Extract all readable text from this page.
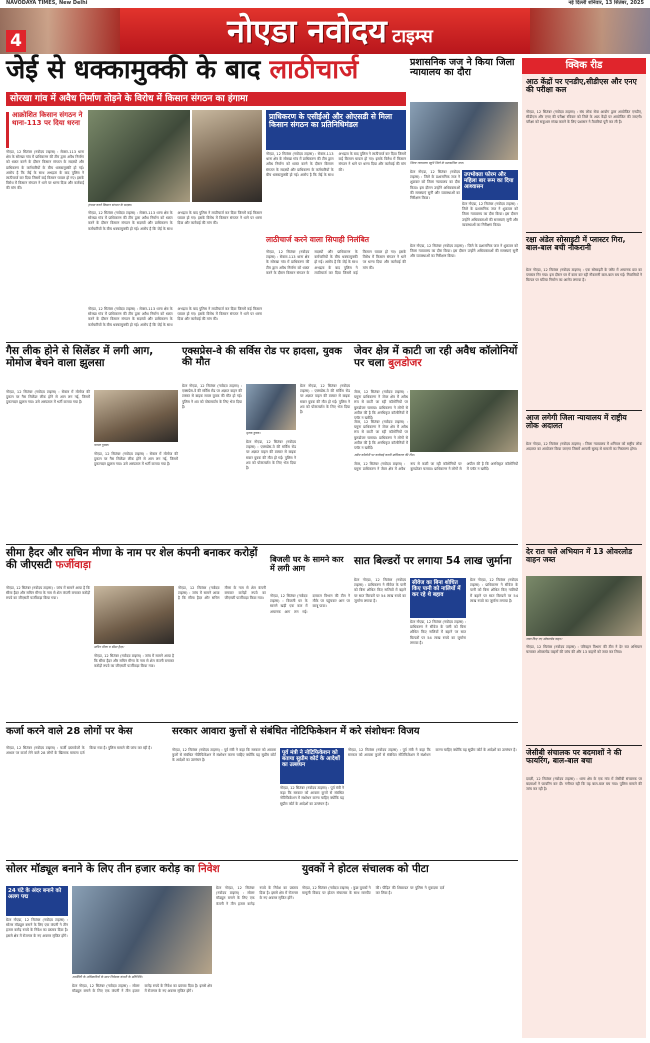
NAVODAYA TIMES, New Delhi	नई दिल्ली शनिवार, 13 सितंबर, 2025
4	नोएडा नवोदय टाइम्स
जेई से धक्कामुक्की के बाद लाठीचार्ज
सोरखा गांव में अवैध निर्माण तोड़ने के विरोध में किसान संगठन का हंगामा
आक्रोशित किसान संगठन ने थाना-113 पर दिया धरना
नोएडा, 12 सितंबर (नवोदय टाइम्स) : सेक्टर-113 थाना क्षेत्र के सोरखा गांव में प्राधिकरण की टीम द्वारा अवैध निर्माण को ध्वस्त करने के दौरान किसान संगठन के सदस्यों और प्राधिकरण के कर्मचारियों के बीच धक्कामुक्की हो गई। आरोप है कि जेई के साथ अभद्रता के बाद पुलिस ने लाठीचार्ज कर दिया जिसमें कई किसान घायल हो गए। इसके विरोध में किसान संगठन ने थाने पर धरना दिया और कार्रवाई की मांग की।
हंगामा करते किसान संगठन के सदस्य।
नोएडा, 12 सितंबर (नवोदय टाइम्स) : सेक्टर-113 थाना क्षेत्र के सोरखा गांव में प्राधिकरण की टीम द्वारा अवैध निर्माण को ध्वस्त करने के दौरान किसान संगठन के सदस्यों और प्राधिकरण के कर्मचारियों के बीच धक्कामुक्की हो गई। आरोप है कि जेई के साथ अभद्रता के बाद पुलिस ने लाठीचार्ज कर दिया जिसमें कई किसान घायल हो गए। इसके विरोध में किसान संगठन ने थाने पर धरना दिया और कार्रवाई की मांग की।
प्राधिकरण के एसीईओ और ओएसडी से मिला किसान संगठन का प्रतिनिधिमंडल
नोएडा, 12 सितंबर (नवोदय टाइम्स) : सेक्टर-113 थाना क्षेत्र के सोरखा गांव में प्राधिकरण की टीम द्वारा अवैध निर्माण को ध्वस्त करने के दौरान किसान संगठन के सदस्यों और प्राधिकरण के कर्मचारियों के बीच धक्कामुक्की हो गई। आरोप है कि जेई के साथ अभद्रता के बाद पुलिस ने लाठीचार्ज कर दिया जिसमें कई किसान घायल हो गए। इसके विरोध में किसान संगठन ने थाने पर धरना दिया और कार्रवाई की मांग की।
लाठीचार्ज करने वाला सिपाही निलंबित
नोएडा, 12 सितंबर (नवोदय टाइम्स) : सेक्टर-113 थाना क्षेत्र के सोरखा गांव में प्राधिकरण की टीम द्वारा अवैध निर्माण को ध्वस्त करने के दौरान किसान संगठन के सदस्यों और प्राधिकरण के कर्मचारियों के बीच धक्कामुक्की हो गई। आरोप है कि जेई के साथ अभद्रता के बाद पुलिस ने लाठीचार्ज कर दिया जिसमें कई किसान घायल हो गए। इसके विरोध में किसान संगठन ने थाने पर धरना दिया और कार्रवाई की मांग की।
नोएडा, 12 सितंबर (नवोदय टाइम्स) : सेक्टर-113 थाना क्षेत्र के सोरखा गांव में प्राधिकरण की टीम द्वारा अवैध निर्माण को ध्वस्त करने के दौरान किसान संगठन के सदस्यों और प्राधिकरण के कर्मचारियों के बीच धक्कामुक्की हो गई। आरोप है कि जेई के साथ अभद्रता के बाद पुलिस ने लाठीचार्ज कर दिया जिसमें कई किसान घायल हो गए। इसके विरोध में किसान संगठन ने थाने पर धरना दिया और कार्रवाई की मांग की।
प्रशासनिक जज ने किया जिला न्यायालय का दौरा
जिला न्यायालय पहुंचे जिले के प्रशासनिक जज।
ग्रेटर नोएडा, 12 सितंबर (नवोदय टाइम्स) : जिले के प्रशासनिक जज ने शुक्रवार को जिला न्यायालय का दौरा किया। इस दौरान उन्होंने अधिवक्ताओं की समस्याएं सुनीं और व्यवस्थाओं का निरीक्षण किया।
उपभोक्ता फोरम और महिला बार रूम का दिया आश्वासन
ग्रेटर नोएडा, 12 सितंबर (नवोदय टाइम्स) : जिले के प्रशासनिक जज ने शुक्रवार को जिला न्यायालय का दौरा किया। इस दौरान उन्होंने अधिवक्ताओं की समस्याएं सुनीं और व्यवस्थाओं का निरीक्षण किया।
ग्रेटर नोएडा, 12 सितंबर (नवोदय टाइम्स) : जिले के प्रशासनिक जज ने शुक्रवार को जिला न्यायालय का दौरा किया। इस दौरान उन्होंने अधिवक्ताओं की समस्याएं सुनीं और व्यवस्थाओं का निरीक्षण किया।
क्विक रीड
आठ केंद्रों पर एनडीए,सीडीएस और एनए की परीक्षा कल
नोएडा, 12 सितंबर (नवोदय टाइम्स) : संघ लोक सेवा आयोग द्वारा आयोजित एनडीए, सीडीएस और एनए की परीक्षा रविवार को जिले के आठ केंद्रों पर आयोजित की जाएगी। परीक्षा को सकुशल संपन्न कराने के लिए प्रशासन ने तैयारियां पूरी कर ली हैं।
रक्षा अंडेल सोसाइटी में प्लास्टर गिरा, बाल-बाल बची नौकरानी
ग्रेटर नोएडा, 12 सितंबर (नवोदय टाइम्स) : एक सोसाइटी के फ्लैट में अचानक छत का प्लास्टर गिर गया। इस दौरान घर में काम कर रही नौकरानी बाल-बाल बच गई। निवासियों ने बिल्डर पर घटिया निर्माण का आरोप लगाया है।
आज लगेगी जिला न्यायालय में राष्ट्रीय लोक अदालत
ग्रेटर नोएडा, 12 सितंबर (नवोदय टाइम्स) : जिला न्यायालय में शनिवार को राष्ट्रीय लोक अदालत का आयोजन किया जाएगा जिसमें आपसी सुलह से मामलों का निस्तारण होगा।
देर रात चले अभियान में 13 ओवरलोड वाहन जब्त
जब्त किए गए ओवरलोड वाहन।
नोएडा, 12 सितंबर (नवोदय टाइम्स) : परिवहन विभाग की टीम ने देर रात अभियान चलाकर ओवरलोड वाहनों की जांच की और 13 वाहनों को जब्त कर लिया।
जेसीबी संचालक पर बदमाशों ने की फायरिंग, बाल-बाल बचा
दादरी, 12 सितंबर (नवोदय टाइम्स) : थाना क्षेत्र के एक गांव में जेसीबी संचालक पर बदमाशों ने फायरिंग कर दी। गनीमत रही कि वह बाल-बाल बच गया। पुलिस मामले की जांच कर रही है।
गैस लीक होने से सिलेंडर में लगी आग, मोमोज बेचने वाला झुलसा
नोएडा, 12 सितंबर (नवोदय टाइम्स) : सेक्टर में मोमोज की दुकान पर गैस सिलेंडर लीक होने से आग लग गई, जिसमें दुकानदार झुलस गया। उसे अस्पताल में भर्ती कराया गया है।
घायल युवक।
नोएडा, 12 सितंबर (नवोदय टाइम्स) : सेक्टर में मोमोज की दुकान पर गैस सिलेंडर लीक होने से आग लग गई, जिसमें दुकानदार झुलस गया। उसे अस्पताल में भर्ती कराया गया है।
एक्सप्रेस-वे की सर्विस रोड पर हादसा, युवक की मौत
ग्रेटर नोएडा, 12 सितंबर (नवोदय टाइम्स) : एक्सप्रेस-वे की सर्विस रोड पर अज्ञात वाहन की टक्कर से बाइक सवार युवक की मौत हो गई। पुलिस ने शव को पोस्टमार्टम के लिए भेज दिया है।
मृतक युवक।
ग्रेटर नोएडा, 12 सितंबर (नवोदय टाइम्स) : एक्सप्रेस-वे की सर्विस रोड पर अज्ञात वाहन की टक्कर से बाइक सवार युवक की मौत हो गई। पुलिस ने शव को पोस्टमार्टम के लिए भेज दिया है।
ग्रेटर नोएडा, 12 सितंबर (नवोदय टाइम्स) : एक्सप्रेस-वे की सर्विस रोड पर अज्ञात वाहन की टक्कर से बाइक सवार युवक की मौत हो गई। पुलिस ने शव को पोस्टमार्टम के लिए भेज दिया है।
जेवर क्षेत्र में काटी जा रही अवैध कॉलोनियों पर चला बुलडोजर
जेवर, 12 सितंबर (नवोदय टाइम्स) : यमुना प्राधिकरण ने जेवर क्षेत्र में अवैध रूप से काटी जा रही कॉलोनियों पर बुलडोजर चलाया। प्राधिकरण ने लोगों से अपील की है कि अनधिकृत कॉलोनियों में प्लॉट न खरीदें।
अवैध कॉलोनी पर कार्रवाई करती प्राधिकरण की टीम।
जेवर, 12 सितंबर (नवोदय टाइम्स) : यमुना प्राधिकरण ने जेवर क्षेत्र में अवैध रूप से काटी जा रही कॉलोनियों पर बुलडोजर चलाया। प्राधिकरण ने लोगों से अपील की है कि अनधिकृत कॉलोनियों में प्लॉट न खरीदें।
जेवर, 12 सितंबर (नवोदय टाइम्स) : यमुना प्राधिकरण ने जेवर क्षेत्र में अवैध रूप से काटी जा रही कॉलोनियों पर बुलडोजर चलाया। प्राधिकरण ने लोगों से अपील की है कि अनधिकृत कॉलोनियों में प्लॉट न खरीदें।
सीमा हैदर और सचिन मीणा के नाम पर शेल कंपनी बनाकर करोड़ों की जीएसटी फर्जीवाड़ा
नोएडा, 12 सितंबर (नवोदय टाइम्स) : जांच में सामने आया है कि सीमा हैदर और सचिन मीणा के नाम से शेल कंपनी बनाकर करोड़ों रुपये का जीएसटी फर्जीवाड़ा किया गया।
सचिन मीणा व सीमा हैदर।
नोएडा, 12 सितंबर (नवोदय टाइम्स) : जांच में सामने आया है कि सीमा हैदर और सचिन मीणा के नाम से शेल कंपनी बनाकर करोड़ों रुपये का जीएसटी फर्जीवाड़ा किया गया।
नोएडा, 12 सितंबर (नवोदय टाइम्स) : जांच में सामने आया है कि सीमा हैदर और सचिन मीणा के नाम से शेल कंपनी बनाकर करोड़ों रुपये का जीएसटी फर्जीवाड़ा किया गया।
बिजली घर के सामने कार में लगी आग
नोएडा, 12 सितंबर (नवोदय टाइम्स) : बिजली घर के सामने खड़ी एक कार में अचानक आग लग गई। दमकल विभाग की टीम ने मौके पर पहुंचकर आग पर काबू पाया।
सात बिल्डरों पर लगाया 54 लाख जुर्माना
ग्रेटर नोएडा, 12 सितंबर (नवोदय टाइम्स) : प्राधिकरण ने सीवेज के पानी को बिना शोधित किए नालियों में बहाने पर सात बिल्डरों पर 54 लाख रुपये का जुर्माना लगाया है।
सीवेज का बिना शोधित किए पानी को नालियों में कर रहे थे बहाव
ग्रेटर नोएडा, 12 सितंबर (नवोदय टाइम्स) : प्राधिकरण ने सीवेज के पानी को बिना शोधित किए नालियों में बहाने पर सात बिल्डरों पर 54 लाख रुपये का जुर्माना लगाया है।
ग्रेटर नोएडा, 12 सितंबर (नवोदय टाइम्स) : प्राधिकरण ने सीवेज के पानी को बिना शोधित किए नालियों में बहाने पर सात बिल्डरों पर 54 लाख रुपये का जुर्माना लगाया है।
कर्जा करने वाले 28 लोगों पर केस
नोएडा, 12 सितंबर (नवोदय टाइम्स) : फर्जी दस्तावेजों के आधार पर कर्जा लेने वाले 28 लोगों के खिलाफ मामला दर्ज किया गया है। पुलिस मामले की जांच कर रही है।
सरकार आवारा कुत्तों से संबंधित नोटिफिकेशन में करे संशोधनः विजय
नोएडा, 12 सितंबर (नवोदय टाइम्स) : पूर्व मंत्री ने कहा कि सरकार को आवारा कुत्तों से संबंधित नोटिफिकेशन में संशोधन करना चाहिए क्योंकि यह सुप्रीम कोर्ट के आदेशों का उल्लंघन है।
पूर्व मंत्री ने नोटिफिकेशन को बताया सुप्रीम कोर्ट के आदेशों का उल्लंघन
नोएडा, 12 सितंबर (नवोदय टाइम्स) : पूर्व मंत्री ने कहा कि सरकार को आवारा कुत्तों से संबंधित नोटिफिकेशन में संशोधन करना चाहिए क्योंकि यह सुप्रीम कोर्ट के आदेशों का उल्लंघन है।
नोएडा, 12 सितंबर (नवोदय टाइम्स) : पूर्व मंत्री ने कहा कि सरकार को आवारा कुत्तों से संबंधित नोटिफिकेशन में संशोधन करना चाहिए क्योंकि यह सुप्रीम कोर्ट के आदेशों का उल्लंघन है।
सोलर मॉड्यूल बनाने के लिए तीन हजार करोड़ का निवेश
24 घंटे के अंदर बनाने को अलग पद्म
ग्रेटर नोएडा, 12 सितंबर (नवोदय टाइम्स) : सोलर मॉड्यूल बनाने के लिए एक कंपनी ने तीन हजार करोड़ रुपये के निवेश का प्रस्ताव दिया है। इससे क्षेत्र में रोजगार के नए अवसर सृजित होंगे।
अथॉरिटी के अधिकारियों के साथ निवेशक कंपनी के प्रतिनिधि।
ग्रेटर नोएडा, 12 सितंबर (नवोदय टाइम्स) : सोलर मॉड्यूल बनाने के लिए एक कंपनी ने तीन हजार करोड़ रुपये के निवेश का प्रस्ताव दिया है। इससे क्षेत्र में रोजगार के नए अवसर सृजित होंगे।
ग्रेटर नोएडा, 12 सितंबर (नवोदय टाइम्स) : सोलर मॉड्यूल बनाने के लिए एक कंपनी ने तीन हजार करोड़ रुपये के निवेश का प्रस्ताव दिया है। इससे क्षेत्र में रोजगार के नए अवसर सृजित होंगे।
युवकों ने होटल संचालक को पीटा
नोएडा, 12 सितंबर (नवोदय टाइम्स) : कुछ युवकों ने मामूली विवाद पर होटल संचालक के साथ मारपीट की। पीड़ित की शिकायत पर पुलिस ने मुकदमा दर्ज कर लिया है।
